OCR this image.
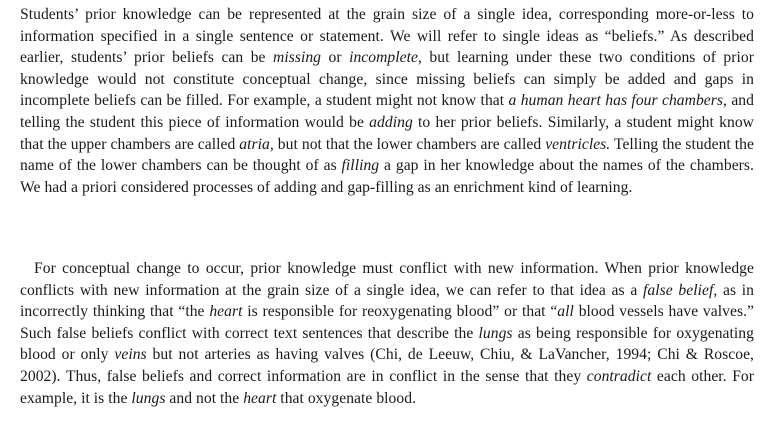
Students’ prior knowledge can be represented at the grain size of a single idea, corresponding more-or-less to information specified in a single sentence or statement. We will refer to single ideas as “beliefs.” As described earlier, students’ prior beliefs can be missing or incomplete, but learning under these two conditions of prior knowledge would not constitute conceptual change, since missing beliefs can simply be added and gaps in incomplete beliefs can be filled. For example, a student might not know that a human heart has four chambers, and telling the student this piece of information would be adding to her prior beliefs. Similarly, a student might know that the upper chambers are called atria, but not that the lower chambers are called ventricles. Telling the student the name of the lower chambers can be thought of as filling a gap in her knowledge about the names of the chambers. We had a priori considered processes of adding and gap-filling as an enrichment kind of learning.

For conceptual change to occur, prior knowledge must conflict with new information. When prior knowledge conflicts with new information at the grain size of a single idea, we can refer to that idea as a false belief, as in incorrectly thinking that “the heart is responsible for reoxygenating blood” or that “all blood vessels have valves.” Such false beliefs conflict with correct text sentences that describe the lungs as being responsible for oxygenating blood or only veins but not arteries as having valves (Chi, de Leeuw, Chiu, & LaVancher, 1994; Chi & Roscoe, 2002). Thus, false beliefs and correct information are in conflict in the sense that they contradict each other. For example, it is the lungs and not the heart that oxygenate blood.
